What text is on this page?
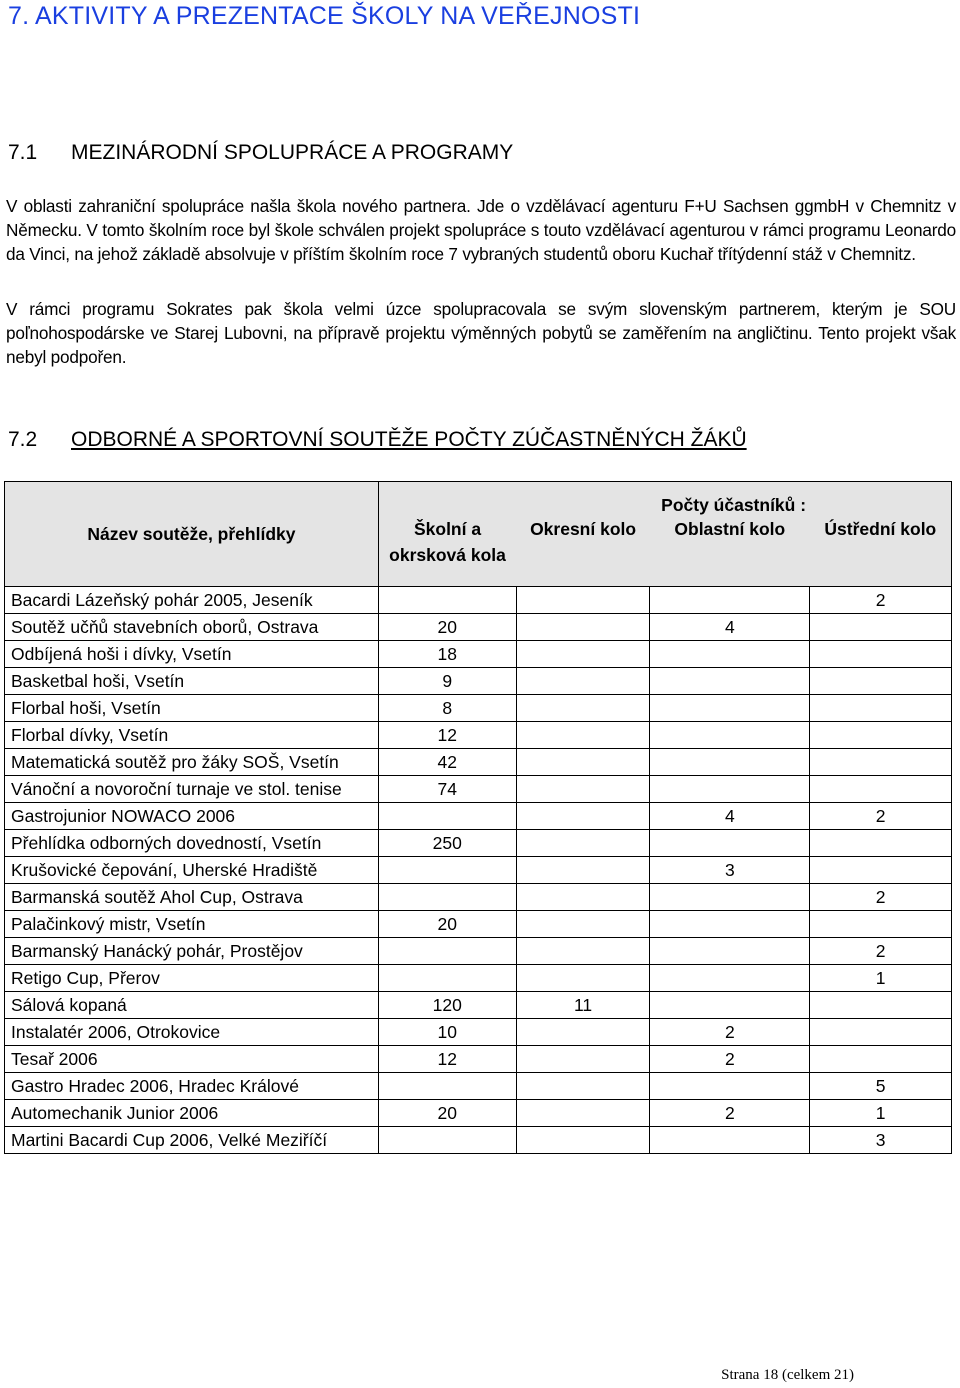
7. AKTIVITY A PREZENTACE ŠKOLY NA VEŘEJNOSTI
7.1 MEZINÁRODNÍ SPOLUPRÁCE A PROGRAMY
V oblasti zahraniční spolupráce našla škola nového partnera. Jde o vzdělávací agenturu F+U Sachsen ggmbH v Chemnitz v Německu. V tomto školním roce byl škole schválen projekt spolupráce s touto vzdělávací agenturou v rámci programu Leonardo da Vinci, na jehož základě absolvuje v příštím školním roce 7 vybraných studentů oboru Kuchař třítýdenní stáž v Chemnitz.
V rámci programu Sokrates pak škola velmi úzce spolupracovala se svým slovenským partnerem, kterým je SOU poľnohospodárske ve Starej Lubovni, na přípravě projektu výměnných pobytů se zaměřením na angličtinu. Tento projekt však nebyl podpořen.
7.2 ODBORNÉ A SPORTOVNÍ SOUTĚŽE POČTY ZÚČASTNĚNÝCH ŽÁKŮ
Název soutěže, přehlídky		Počty účastníků :		
	Školní a okrsková kola	Okresní kolo	Oblastní kolo	Ústřední kolo
Bacardi Lázeňský pohár 2005, Jeseník				2
Soutěž učňů stavebních oborů, Ostrava	20		4	
Odbíjená hoši i dívky, Vsetín	18			
Basketbal hoši, Vsetín	9			
Florbal hoši, Vsetín	8			
Florbal dívky, Vsetín	12			
Matematická soutěž pro žáky SOŠ, Vsetín	42			
Vánoční a novoroční turnaje ve stol. tenise	74			
Gastrojunior NOWACO 2006			4	2
Přehlídka odborných dovedností, Vsetín	250			
Krušovické čepování, Uherské Hradiště			3	
Barmanská soutěž Ahol Cup, Ostrava				2
Palačinkový mistr, Vsetín	20			
Barmanský Hanácký pohár, Prostějov				2
Retigo Cup, Přerov				1
Sálová kopaná	120	11		
Instalatér 2006, Otrokovice	10		2	
Tesař 2006	12		2	
Gastro Hradec 2006, Hradec Králové				5
Automechanik Junior 2006	20		2	1
Martini Bacardi Cup 2006, Velké Meziříčí				3
Strana 18 (celkem 21)
